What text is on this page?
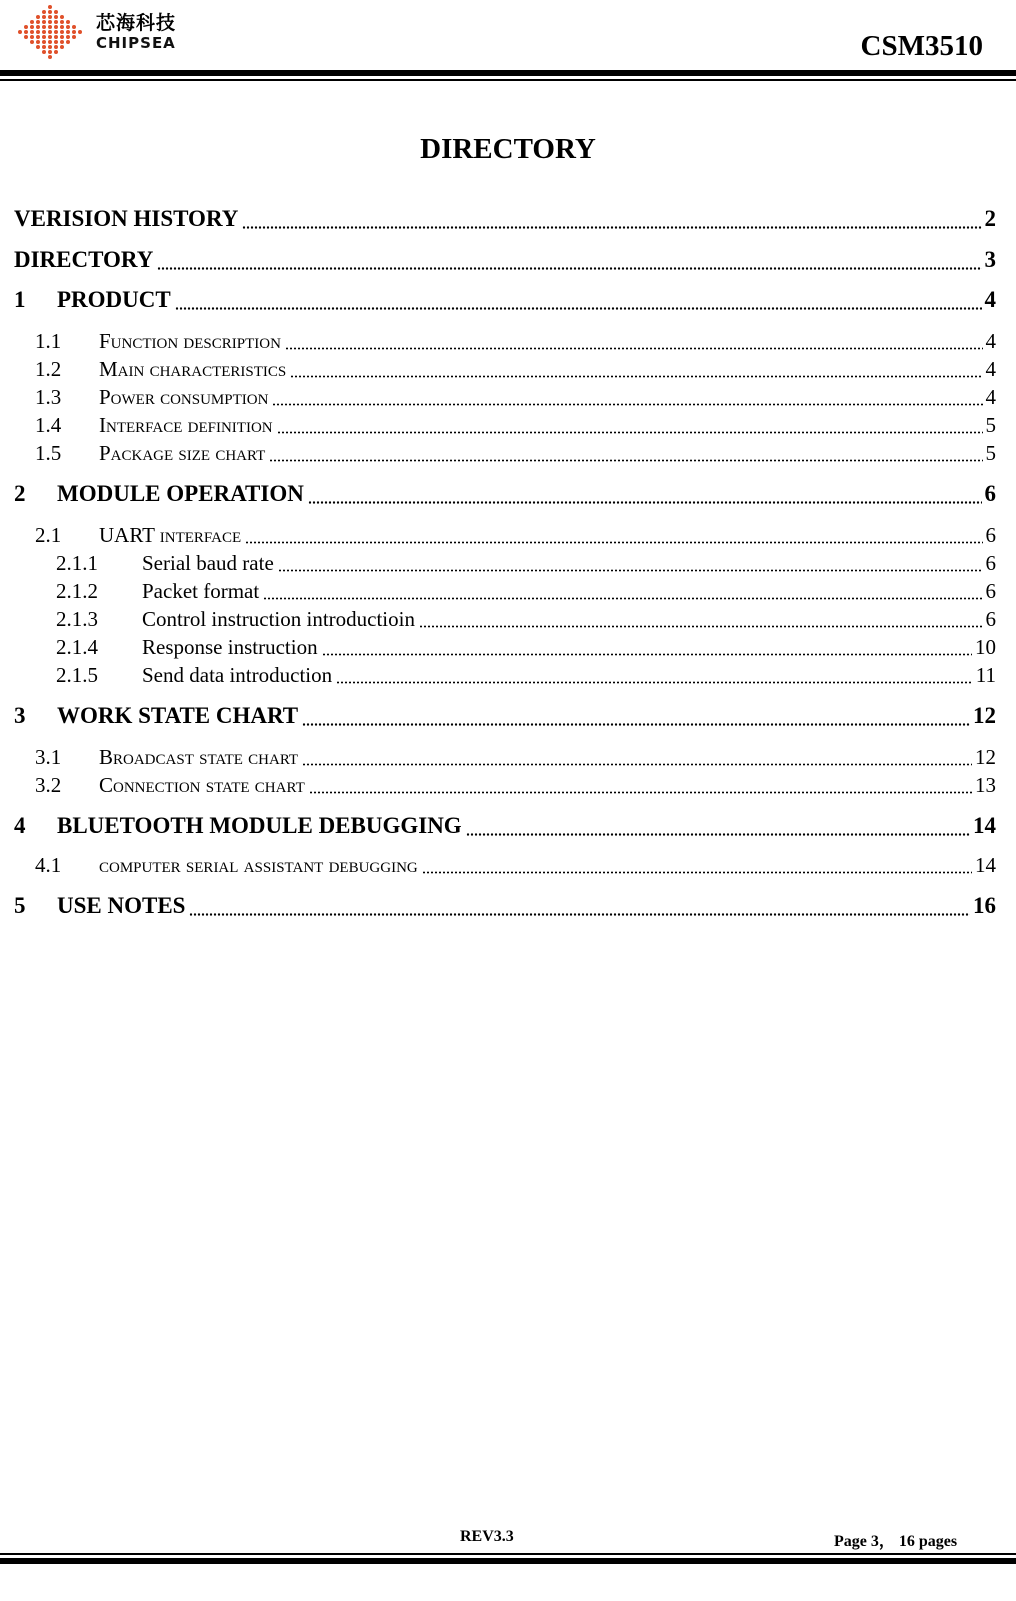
芯海科技
CHIPSEA	CSM3510
DIRECTORY
VERISION HISTORY	2
DIRECTORY	3
1 PRODUCT	4
1.1 Function description	4
1.2 Main characteristics	4
1.3 Power consumption	4
1.4 Interface definition	5
1.5 Package size chart	5
2 MODULE OPERATION	6
2.1 UART interface	6
2.1.1 Serial baud rate	6
2.1.2 Packet format	6
2.1.3 Control instruction introductioin	6
2.1.4 Response instruction	10
2.1.5 Send data introduction	11
3 WORK STATE CHART	12
3.1 Broadcast state chart	12
3.2 Connection state chart	13
4 BLUETOOTH MODULE DEBUGGING	14
4.1 computer serial assistant debugging	14
5 USE NOTES	16
REV3.3	Page 3， 16 pages
